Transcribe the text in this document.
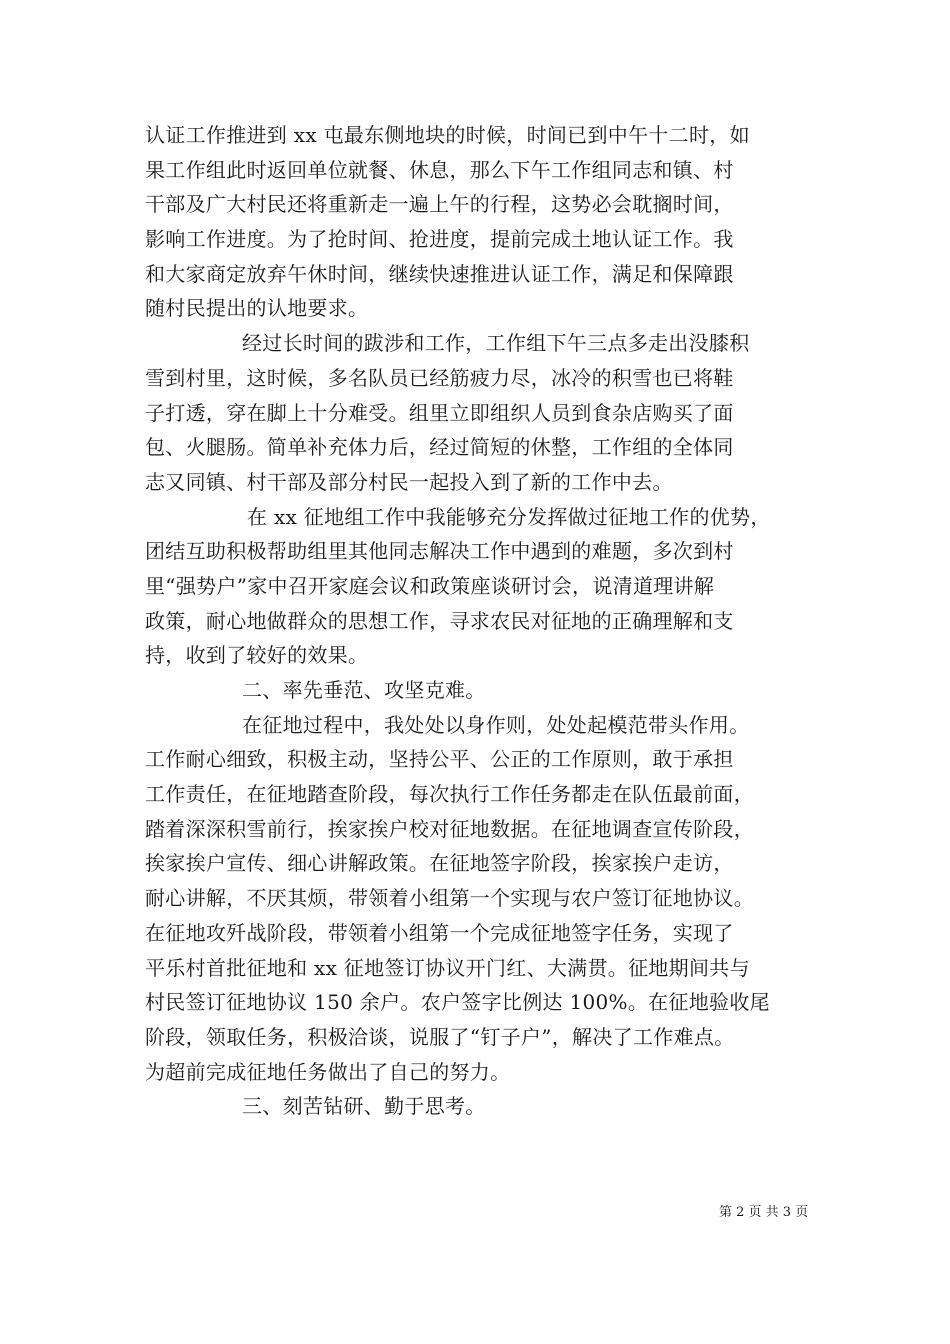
认证工作推进到 xx 屯最东侧地块的时候，时间已到中午十二时，如
果工作组此时返回单位就餐、休息，那么下午工作组同志和镇、村
干部及广大村民还将重新走一遍上午的行程，这势必会耽搁时间，
影响工作进度。为了抢时间、抢进度，提前完成土地认证工作。我
和大家商定放弃午休时间，继续快速推进认证工作，满足和保障跟
随村民提出的认地要求。
经过长时间的跋涉和工作，工作组下午三点多走出没膝积
雪到村里，这时候，多名队员已经筋疲力尽，冰冷的积雪也已将鞋
子打透，穿在脚上十分难受。组里立即组织人员到食杂店购买了面
包、火腿肠。简单补充体力后，经过简短的休整，工作组的全体同
志又同镇、村干部及部分村民一起投入到了新的工作中去。
在 xx 征地组工作中我能够充分发挥做过征地工作的优势，
团结互助积极帮助组里其他同志解决工作中遇到的难题，多次到村
里“强势户”家中召开家庭会议和政策座谈研讨会，说清道理讲解
政策，耐心地做群众的思想工作，寻求农民对征地的正确理解和支
持，收到了较好的效果。
二、率先垂范、攻坚克难。
在征地过程中，我处处以身作则，处处起模范带头作用。
工作耐心细致，积极主动，坚持公平、公正的工作原则，敢于承担
工作责任，在征地踏查阶段，每次执行工作任务都走在队伍最前面，
踏着深深积雪前行，挨家挨户校对征地数据。在征地调查宣传阶段，
挨家挨户宣传、细心讲解政策。在征地签字阶段，挨家挨户走访，
耐心讲解，不厌其烦，带领着小组第一个实现与农户签订征地协议。
在征地攻歼战阶段，带领着小组第一个完成征地签字任务，实现了
平乐村首批征地和 xx 征地签订协议开门红、大满贯。征地期间共与
村民签订征地协议 150 余户。农户签字比例达 100%。在征地验收尾
阶段，领取任务，积极洽谈，说服了“钉子户”，解决了工作难点。
为超前完成征地任务做出了自己的努力。
三、刻苦钻研、勤于思考。
第 2 页 共 3 页
